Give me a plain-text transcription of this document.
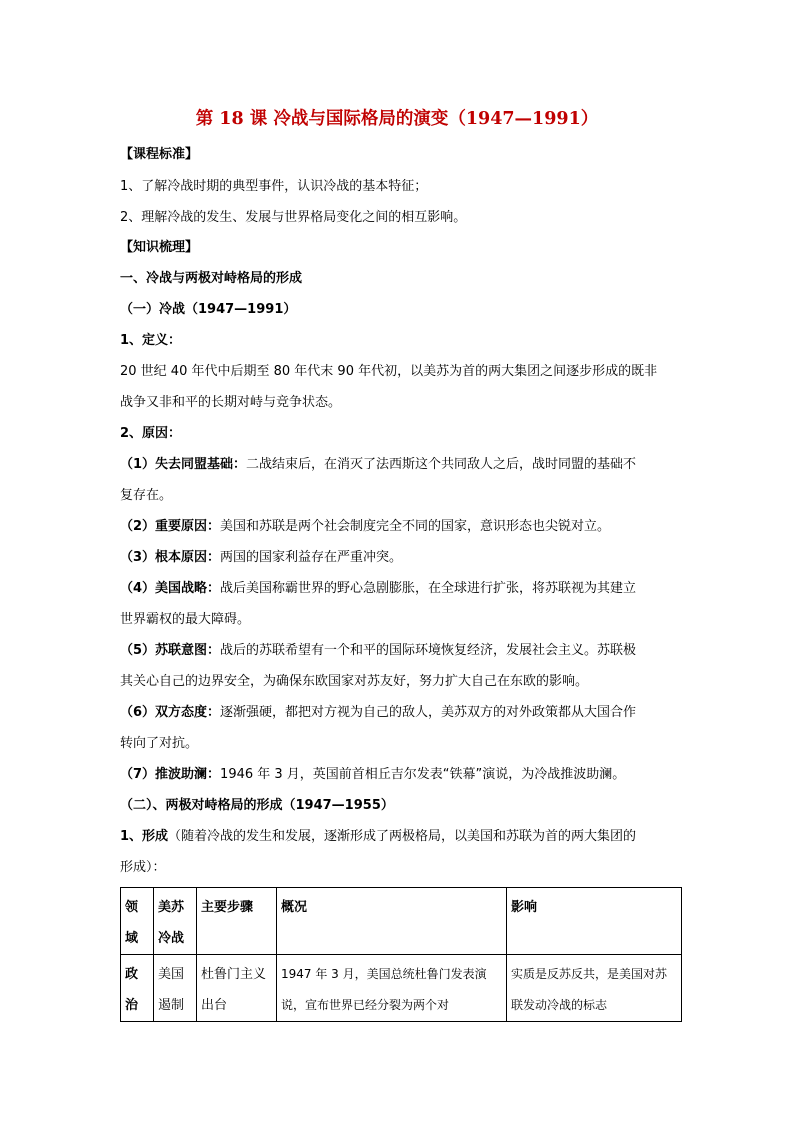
第 18 课 冷战与国际格局的演变（1947—1991）
【课程标准】
1、了解冷战时期的典型事件，认识冷战的基本特征；
2、理解冷战的发生、发展与世界格局变化之间的相互影响。
【知识梳理】
一、冷战与两极对峙格局的形成
（一）冷战（1947—1991）
1、定义：
20 世纪 40 年代中后期至 80 年代末 90 年代初，以美苏为首的两大集团之间逐步形成的既非
战争又非和平的长期对峙与竞争状态。
2、原因：
（1）失去同盟基础：二战结束后，在消灭了法西斯这个共同敌人之后，战时同盟的基础不
复存在。
（2）重要原因：美国和苏联是两个社会制度完全不同的国家，意识形态也尖锐对立。
（3）根本原因：两国的国家利益存在严重冲突。
（4）美国战略：战后美国称霸世界的野心急剧膨胀，在全球进行扩张，将苏联视为其建立
世界霸权的最大障碍。
（5）苏联意图：战后的苏联希望有一个和平的国际环境恢复经济，发展社会主义。苏联极
其关心自己的边界安全，为确保东欧国家对苏友好，努力扩大自己在东欧的影响。
（6）双方态度：逐渐强硬，都把对方视为自己的敌人，美苏双方的对外政策都从大国合作
转向了对抗。
（7）推波助澜：1946 年 3 月，英国前首相丘吉尔发表“铁幕”演说，为冷战推波助澜。
（二）、两极对峙格局的形成（1947—1955）
1、形成（随着冷战的发生和发展，逐渐形成了两极格局，以美国和苏联为首的两大集团的
形成）：
领域	美苏冷战	主要步骤	概况	影响
政治	美国遏制	杜鲁门主义出台	1947 年 3 月，美国总统杜鲁门发表演说，宣布世界已经分裂为两个对	实质是反苏反共，是美国对苏联发动冷战的标志
